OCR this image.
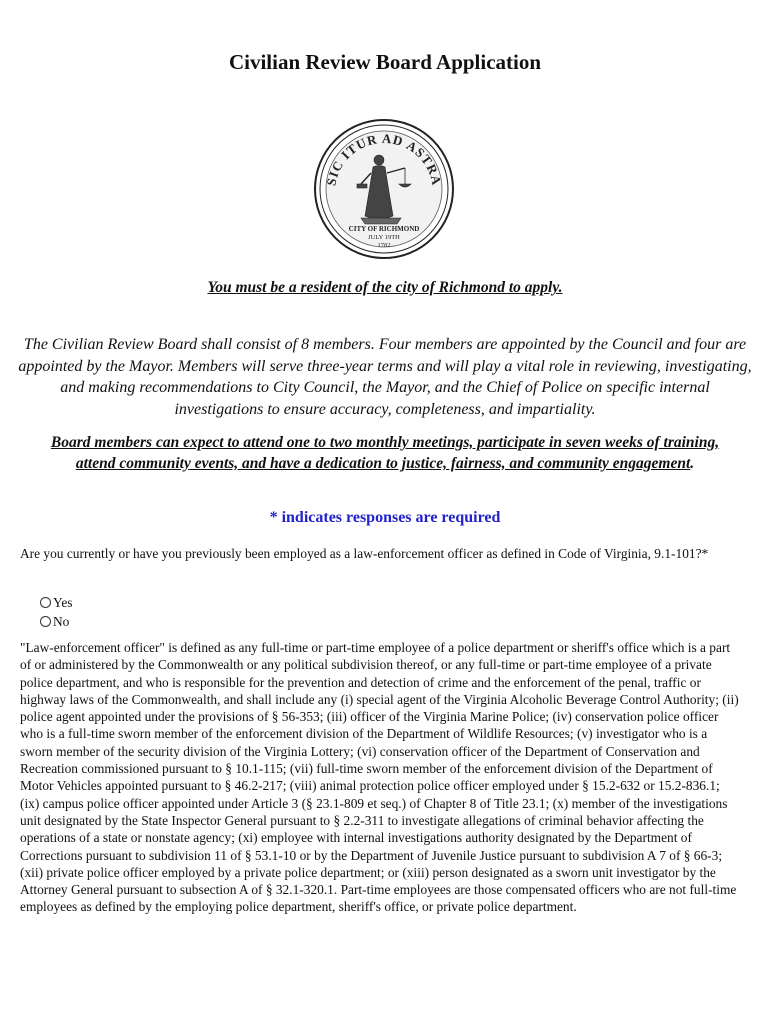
Civilian Review Board Application
SIC ITUR AD ASTRA
CITY OF RICHMOND
JULY 19TH
1782
You must be a resident of the city of Richmond to apply.
The Civilian Review Board shall consist of 8 members. Four members are appointed by the Council and four are appointed by the Mayor. Members will serve three-year terms and will play a vital role in reviewing, investigating, and making recommendations to City Council, the Mayor, and the Chief of Police on specific internal investigations to ensure accuracy, completeness, and impartiality.
Board members can expect to attend one to two monthly meetings, participate in seven weeks of training, attend community events, and have a dedication to justice, fairness, and community engagement.
* indicates responses are required
Are you currently or have you previously been employed as a law-enforcement officer as defined in Code of Virginia, 9.1-101?*
Yes
No
"Law-enforcement officer" is defined as any full-time or part-time employee of a police department or sheriff's office which is a part of or administered by the Commonwealth or any political subdivision thereof, or any full-time or part-time employee of a private police department, and who is responsible for the prevention and detection of crime and the enforcement of the penal, traffic or highway laws of the Commonwealth, and shall include any (i) special agent of the Virginia Alcoholic Beverage Control Authority; (ii) police agent appointed under the provisions of § 56-353; (iii) officer of the Virginia Marine Police; (iv) conservation police officer who is a full-time sworn member of the enforcement division of the Department of Wildlife Resources; (v) investigator who is a sworn member of the security division of the Virginia Lottery; (vi) conservation officer of the Department of Conservation and Recreation commissioned pursuant to § 10.1-115; (vii) full-time sworn member of the enforcement division of the Department of Motor Vehicles appointed pursuant to § 46.2-217; (viii) animal protection police officer employed under § 15.2-632 or 15.2-836.1; (ix) campus police officer appointed under Article 3 (§ 23.1-809 et seq.) of Chapter 8 of Title 23.1; (x) member of the investigations unit designated by the State Inspector General pursuant to § 2.2-311 to investigate allegations of criminal behavior affecting the operations of a state or nonstate agency; (xi) employee with internal investigations authority designated by the Department of Corrections pursuant to subdivision 11 of § 53.1-10 or by the Department of Juvenile Justice pursuant to subdivision A 7 of § 66-3; (xii) private police officer employed by a private police department; or (xiii) person designated as a sworn unit investigator by the Attorney General pursuant to subsection A of § 32.1-320.1. Part-time employees are those compensated officers who are not full-time employees as defined by the employing police department, sheriff's office, or private police department.
